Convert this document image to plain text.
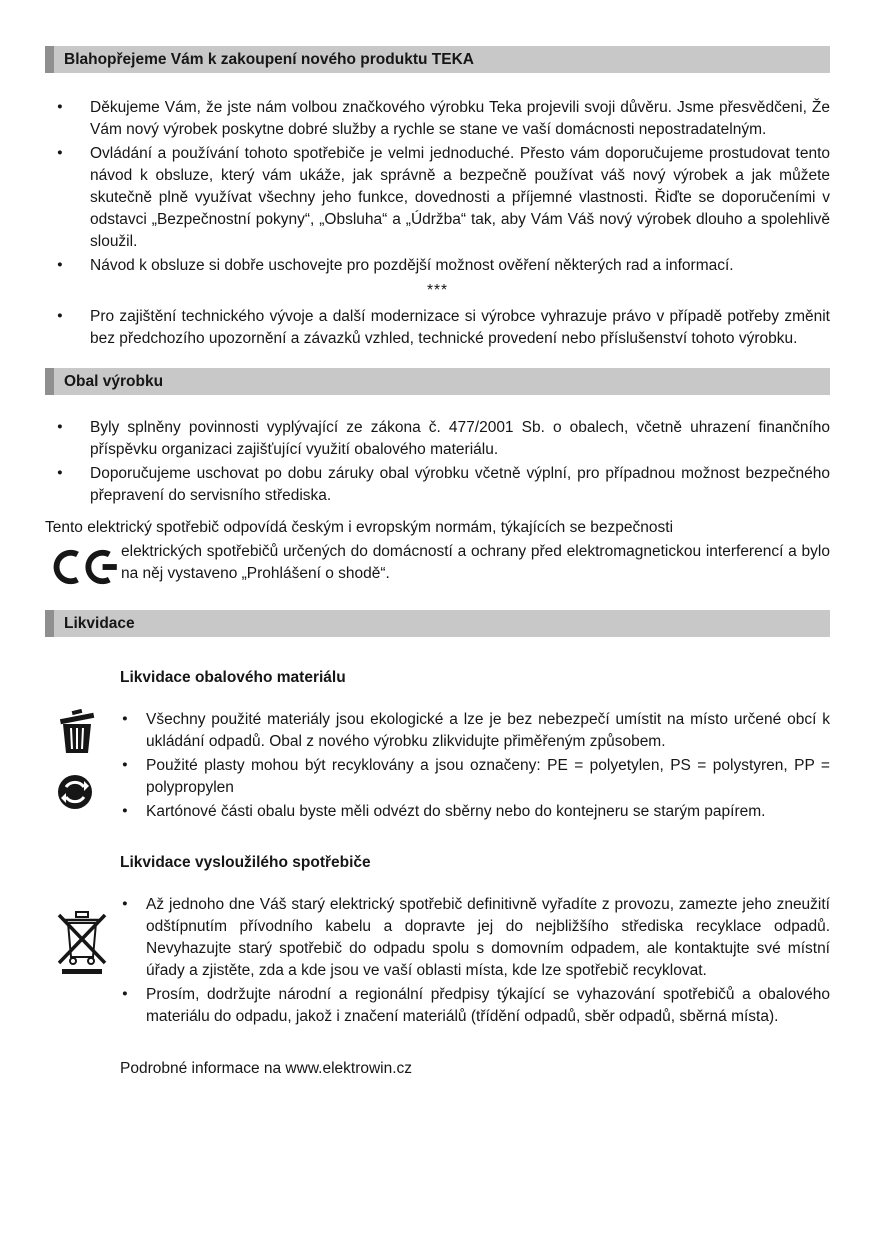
Blahopřejeme Vám k zakoupení nového produktu TEKA
● Děkujeme Vám, že jste nám volbou značkového výrobku Teka projevili svoji důvěru. Jsme přesvědčeni, Že Vám nový výrobek poskytne dobré služby a rychle se stane ve vaší domácnosti nepostradatelným.
● Ovládání a používání tohoto spotřebiče je velmi jednoduché. Přesto vám doporučujeme prostudovat tento návod k obsluze, který vám ukáže, jak správně a bezpečně používat váš nový výrobek a jak můžete skutečně plně využívat všechny jeho funkce, dovednosti a příjemné vlastnosti. Řiďte se doporučeními v odstavci „Bezpečnostní pokyny“, „Obsluha“ a „Údržba“ tak, aby Vám Váš nový výrobek dlouho a spolehlivě sloužil.
● Návod k obsluze si dobře uschovejte pro pozdější možnost ověření některých rad a informací.
***
● Pro zajištění technického vývoje a další modernizace si výrobce vyhrazuje právo v případě potřeby změnit bez předchozího upozornění a závazků vzhled, technické provedení nebo příslušenství tohoto výrobku.
Obal výrobku
● Byly splněny povinnosti vyplývající ze zákona č. 477/2001 Sb. o obalech, včetně uhrazení finančního příspěvku organizaci zajišťující využití obalového materiálu.
● Doporučujeme uschovat po dobu záruky obal výrobku včetně výplní, pro případnou možnost bezpečného přepravení do servisního střediska.

Tento elektrický spotřebič odpovídá českým i evropským normám, týkajících se bezpečnosti

elektrických spotřebičů určených do domácností a ochrany před elektromagnetickou interferencí a bylo na něj vystaveno „Prohlášení o shodě“.
Likvidace
Likvidace obalového materiálu
● Všechny použité materiály jsou ekologické a lze je bez nebezpečí umístit na místo určené obcí k ukládání odpadů. Obal z nového výrobku zlikvidujte přiměřeným způsobem.
● Použité plasty mohou být recyklovány a jsou označeny: PE = polyetylen, PS = polystyren, PP = polypropylen
● Kartónové části obalu byste měli odvézt do sběrny nebo do kontejneru se starým papírem.
Likvidace vysloužilého spotřebiče
● Až jednoho dne Váš starý elektrický spotřebič definitivně vyřadíte z provozu, zamezte jeho zneužití odštípnutím přívodního kabelu a dopravte jej do nejbližšího střediska recyklace odpadů. Nevyhazujte starý spotřebič do odpadu spolu s domovním odpadem, ale kontaktujte své místní úřady a zjistěte, zda a kde jsou ve vaší oblasti místa, kde lze spotřebič recyklovat.
● Prosím, dodržujte národní a regionální předpisy týkající se vyhazování spotřebičů a obalového materiálu do odpadu, jakož i značení materiálů (třídění odpadů, sběr odpadů, sběrná místa).

Podrobné informace na www.elektrowin.cz
